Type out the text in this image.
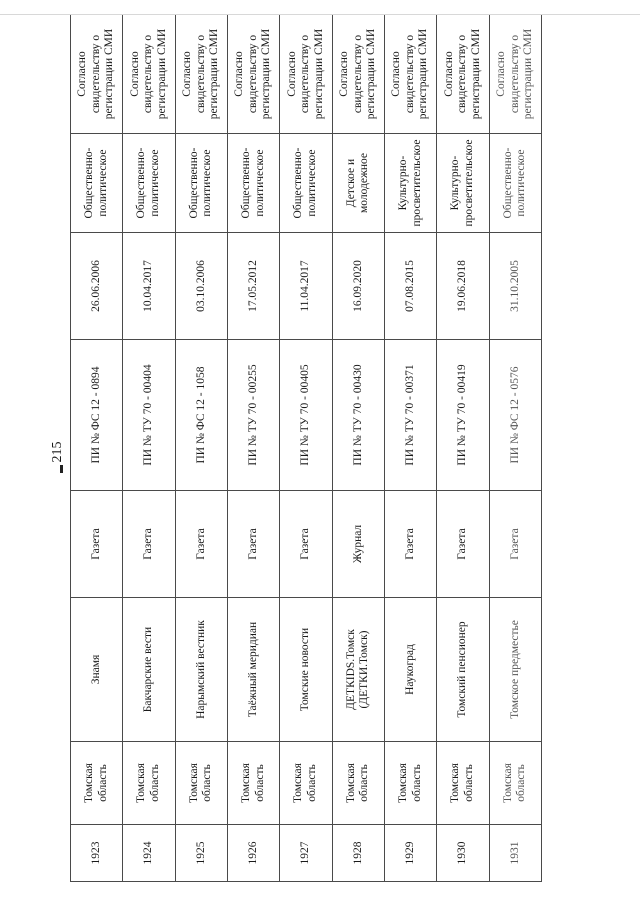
215
1923	Томская область	Знамя	Газета	ПИ № ФС 12 - 0894	26.06.2006	Общественно-политическое	Согласно свидетельству о регистрации СМИ
1924	Томская область	Бакчарские вести	Газета	ПИ № ТУ 70 - 00404	10.04.2017	Общественно-политическое	Согласно свидетельству о регистрации СМИ
1925	Томская область	Нарымский вестник	Газета	ПИ № ФС 12 - 1058	03.10.2006	Общественно-политическое	Согласно свидетельству о регистрации СМИ
1926	Томская область	Таёжный меридиан	Газета	ПИ № ТУ 70 - 00255	17.05.2012	Общественно-политическое	Согласно свидетельству о регистрации СМИ
1927	Томская область	Томские новости	Газета	ПИ № ТУ 70 - 00405	11.04.2017	Общественно-политическое	Согласно свидетельству о регистрации СМИ
1928	Томская область	ДЕТКIDS.Томск (ДЕТКИ.Томск)	Журнал	ПИ № ТУ 70 - 00430	16.09.2020	Детское и молодежное	Согласно свидетельству о регистрации СМИ
1929	Томская область	Наукоград	Газета	ПИ № ТУ 70 - 00371	07.08.2015	Культурно-просветительское	Согласно свидетельству о регистрации СМИ
1930	Томская область	Томский пенсионер	Газета	ПИ № ТУ 70 - 00419	19.06.2018	Культурно-просветительское	Согласно свидетельству о регистрации СМИ
1931	Томская область	Томское предместье	Газета	ПИ № ФС 12 - 0576	31.10.2005	Общественно-политическое	Согласно свидетельству о регистрации СМИ
